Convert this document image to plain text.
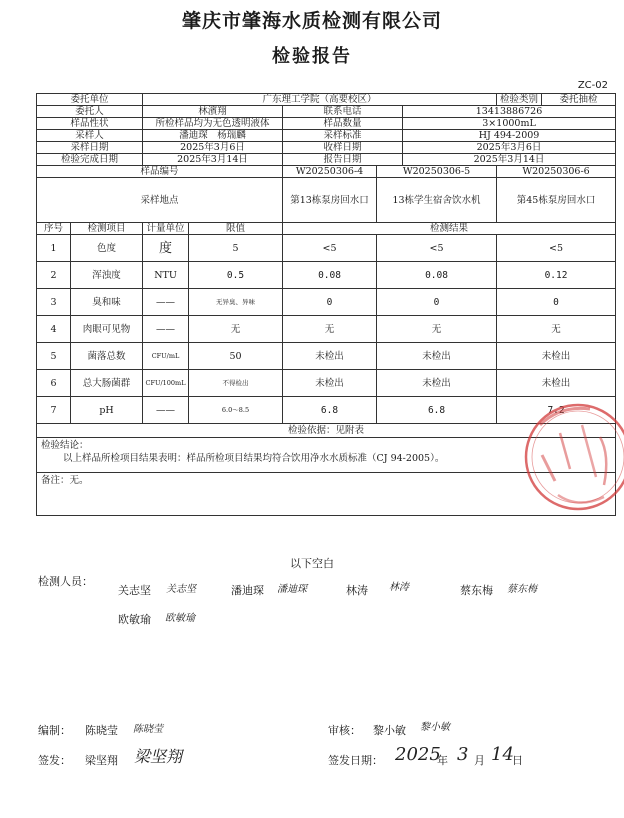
肇庆市肇海水质检测有限公司
检验报告
ZC-02
委托单位		广东理工学院（高要校区）					检验类别	委托抽检
委托人		林濱翔		联系电话		13413886726		
样品性状		所检样品均为无色透明液体		样品数量		3×1000mL		
采样人		潘迪琛　杨瑞麟		采样标准		HJ 494-2009		
采样日期		2025年3月6日		收样日期		2025年3月6日		
检验完成日期		2025年3月14日		报告日期		2025年3月14日		
样品编号				W20250306-4	W20250306-5		W20250306-6	
采样地点				第13栋泵房回水口	13栋学生宿舍饮水机		第45栋泵房回水口	
序号	检测项目	计量单位	限值	检测结果				
1	色度	度	5	<5	<5		<5	
2	浑浊度	NTU	0.5	0.08	0.08		0.12	
3	臭和味	——	无异臭、异味	0	0		0	
4	肉眼可见物	——	无	无	无		无	
5	菌落总数	CFU/mL	50	未检出	未检出		未检出	
6	总大肠菌群	CFU/100mL	不得检出	未检出	未检出		未检出	
7	pH	——	6.0～8.5	6.8	6.8		7.2	
检验依据：见附表								
检验结论：
以上样品所检项目结果表明：样品所检项目结果均符合饮用净水水质标准（CJ 94-2005）。								

备注：无。								
以下空白
检测人员：
关志坚 关志坚	潘迪琛 潘迪琛	林涛 林涛	蔡东梅 蔡东梅
欧敏瑜 欧敏瑜
编制： 陈晓莹 陈晓莹	审核： 黎小敏 黎小敏
签发： 梁坚翔 梁坚翔	签发日期： 2025
年 3 月 14
日
